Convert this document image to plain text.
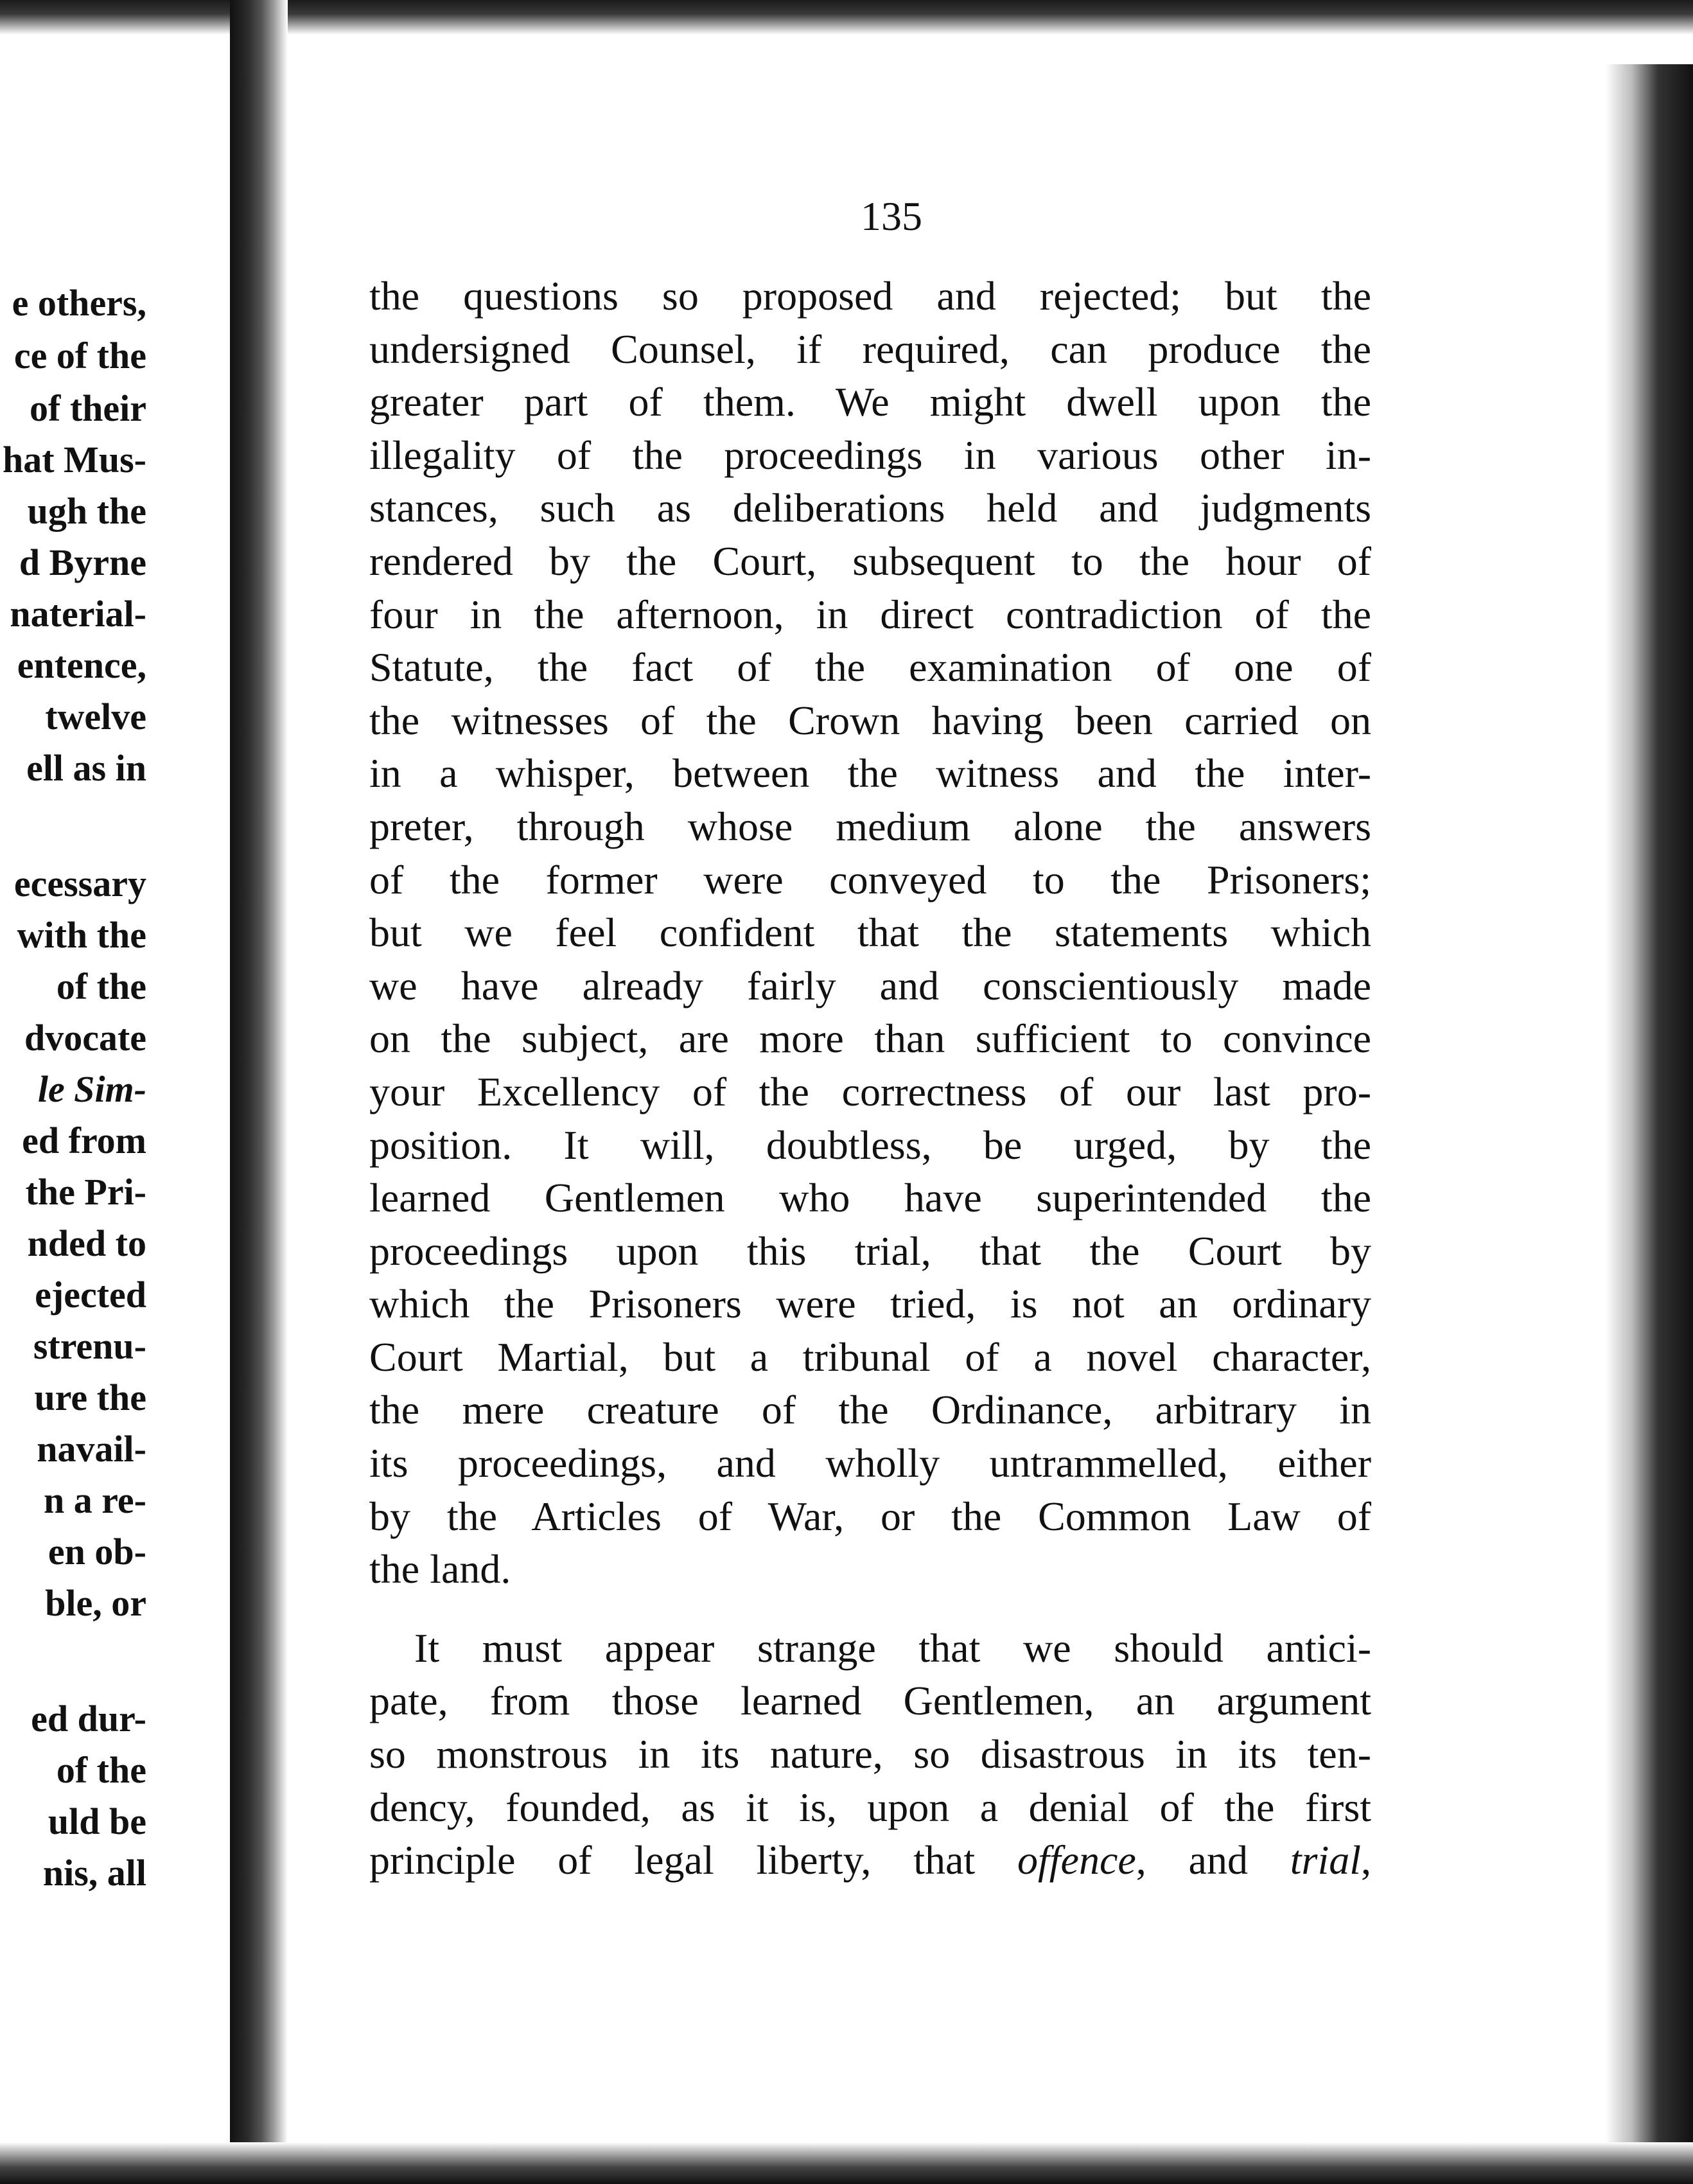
e others,
ce of the
of their
hat Mus-
ugh the
d Byrne
naterial-
entence,
twelve
ell as in
ecessary
with the
of the
dvocate
le Sim-
ed from
the Pri-
nded to
ejected
strenu-
ure the
navail-
n a re-
en ob-
ble, or
ed dur-
of the
uld be
nis, all
135
the questions so proposed and rejected; but the
undersigned Counsel, if required, can produce the
greater part of them. We might dwell upon the
illegality of the proceedings in various other in-
stances, such as deliberations held and judgments
rendered by the Court, subsequent to the hour of
four in the afternoon, in direct contradiction of the
Statute, the fact of the examination of one of
the witnesses of the Crown having been carried on
in a whisper, between the witness and the inter-
preter, through whose medium alone the answers
of the former were conveyed to the Prisoners;
but we feel confident that the statements which
we have already fairly and conscientiously made
on the subject, are more than sufficient to convince
your Excellency of the correctness of our last pro-
position. It will, doubtless, be urged, by the
learned Gentlemen who have superintended the
proceedings upon this trial, that the Court by
which the Prisoners were tried, is not an ordinary
Court Martial, but a tribunal of a novel character,
the mere creature of the Ordinance, arbitrary in
its proceedings, and wholly untrammelled, either
by the Articles of War, or the Common Law of
the land.
It must appear strange that we should antici-
pate, from those learned Gentlemen, an argument
so monstrous in its nature, so disastrous in its ten-
dency, founded, as it is, upon a denial of the first
principle of legal liberty, that offence, and trial,
